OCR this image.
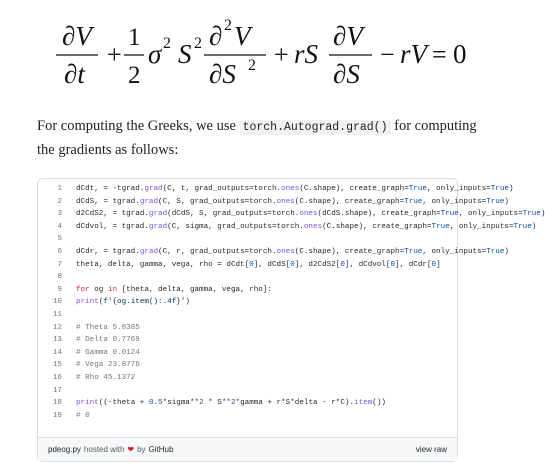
∂V
∂t
+
1
2
σ 2 S 2 ∂ 2 V
∂S 2 + rS
∂V
∂S
− rV = 0
For computing the Greeks, we use torch.Autograd.grad() for computing the gradients as follows:
1	dCdt, = -tgrad.grad(C, t, grad_outputs=torch.ones(C.shape), create_graph=True, only_inputs=True)
2	dCdS, = tgrad.grad(C, S, grad_outputs=torch.ones(C.shape), create_graph=True, only_inputs=True)
3	d2CdS2, = tgrad.grad(dCdS, S, grad_outputs=torch.ones(dCdS.shape), create_graph=True, only_inputs=True)
4	dCdvol, = tgrad.grad(C, sigma, grad_outputs=torch.ones(C.shape), create_graph=True, only_inputs=True)
5
6	dCdr, = tgrad.grad(C, r, grad_outputs=torch.ones(C.shape), create_graph=True, only_inputs=True)
7	theta, delta, gamma, vega, rho = dCdt[0], dCdS[0], d2CdS2[0], dCdvol[0], dCdr[0]
8
9	for og in [theta, delta, gamma, vega, rho]:
10	print(f'{og.item():.4f}')
11
12	# Theta 5.8385
13	# Delta 0.7769
14	# Gamma 0.0124
15	# Vega 23.8776
16	# Rho 45.1372
17
18	print((-theta + 0.5*sigma**2 * S**2*gamma + r*S*delta - r*C).item())
19	# 0
pdeog.py hosted with ❤ by GitHub	view raw
